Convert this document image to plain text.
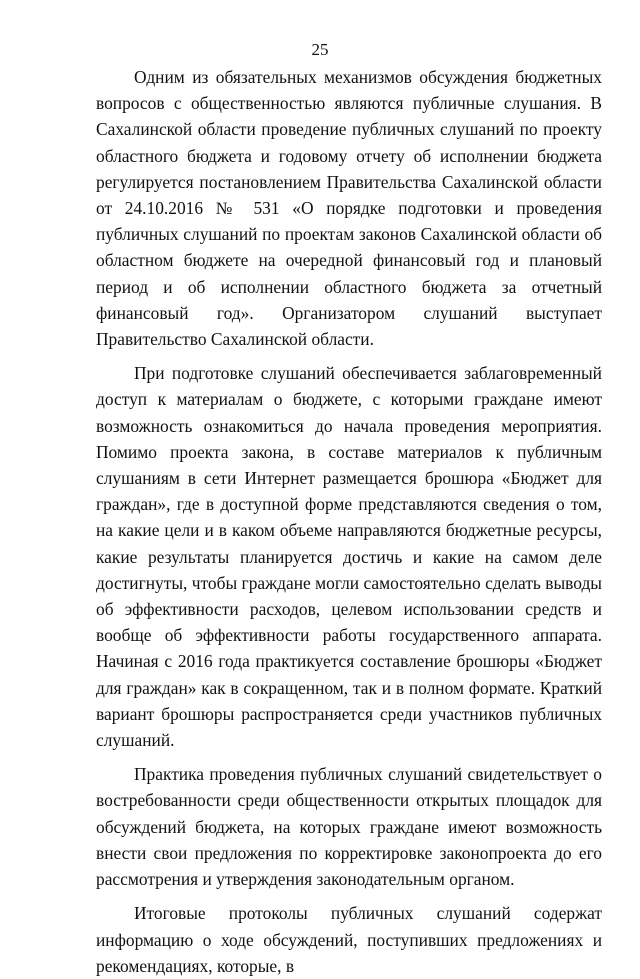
25

Одним из обязательных механизмов обсуждения бюджетных вопросов с общественностью являются публичные слушания. В Сахалинской области проведение публичных слушаний по проекту областного бюджета и годовому отчету об исполнении бюджета регулируется постановлением Правительства Сахалинской области от 24.10.2016 № 531 «О порядке подготовки и проведения публичных слушаний по проектам законов Сахалинской области об областном бюджете на очередной финансовый год и плановый период и об исполнении областного бюджета за отчетный финансовый год». Организатором слушаний выступает Правительство Сахалинской области.

При подготовке слушаний обеспечивается заблаговременный доступ к материалам о бюджете, с которыми граждане имеют возможность ознакомиться до начала проведения мероприятия. Помимо проекта закона, в составе материалов к публичным слушаниям в сети Интернет размещается брошюра «Бюджет для граждан», где в доступной форме представляются сведения о том, на какие цели и в каком объеме направляются бюджетные ресурсы, какие результаты планируется достичь и какие на самом деле достигнуты, чтобы граждане могли самостоятельно сделать выводы об эффективности расходов, целевом использовании средств и вообще об эффективности работы государственного аппарата. Начиная с 2016 года практикуется составление брошюры «Бюджет для граждан» как в сокращенном, так и в полном формате. Краткий вариант брошюры распространяется среди участников публичных слушаний.

Практика проведения публичных слушаний свидетельствует о востребованности среди общественности открытых площадок для обсуждений бюджета, на которых граждане имеют возможность внести свои предложения по корректировке законопроекта до его рассмотрения и утверждения законодательным органом.

Итоговые протоколы публичных слушаний содержат информацию о ходе обсуждений, поступивших предложениях и рекомендациях, которые, в
